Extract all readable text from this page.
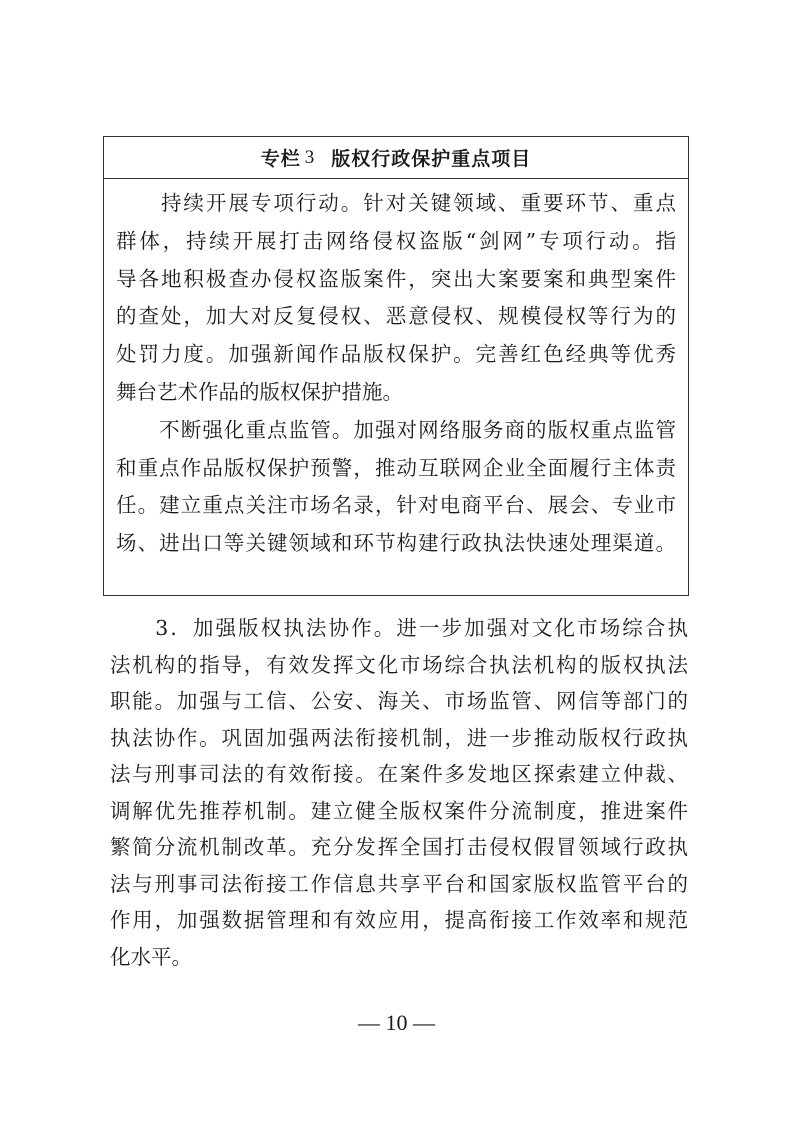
专栏 3 版权行政保护重点项目
　　持续开展专项行动。针对关键领域、重要环节、重点
群体，持续开展打击网络侵权盗版“剑网”专项行动。指
导各地积极查办侵权盗版案件，突出大案要案和典型案件
的查处，加大对反复侵权、恶意侵权、规模侵权等行为的
处罚力度。加强新闻作品版权保护。完善红色经典等优秀
舞台艺术作品的版权保护措施。
　　不断强化重点监管。加强对网络服务商的版权重点监管
和重点作品版权保护预警，推动互联网企业全面履行主体责
任。建立重点关注市场名录，针对电商平台、展会、专业市
场、进出口等关键领域和环节构建行政执法快速处理渠道。
　　3．加强版权执法协作。进一步加强对文化市场综合执
法机构的指导，有效发挥文化市场综合执法机构的版权执法
职能。加强与工信、公安、海关、市场监管、网信等部门的
执法协作。巩固加强两法衔接机制，进一步推动版权行政执
法与刑事司法的有效衔接。在案件多发地区探索建立仲裁、
调解优先推荐机制。建立健全版权案件分流制度，推进案件
繁简分流机制改革。充分发挥全国打击侵权假冒领域行政执
法与刑事司法衔接工作信息共享平台和国家版权监管平台的
作用，加强数据管理和有效应用，提高衔接工作效率和规范
化水平。
— 10 —
